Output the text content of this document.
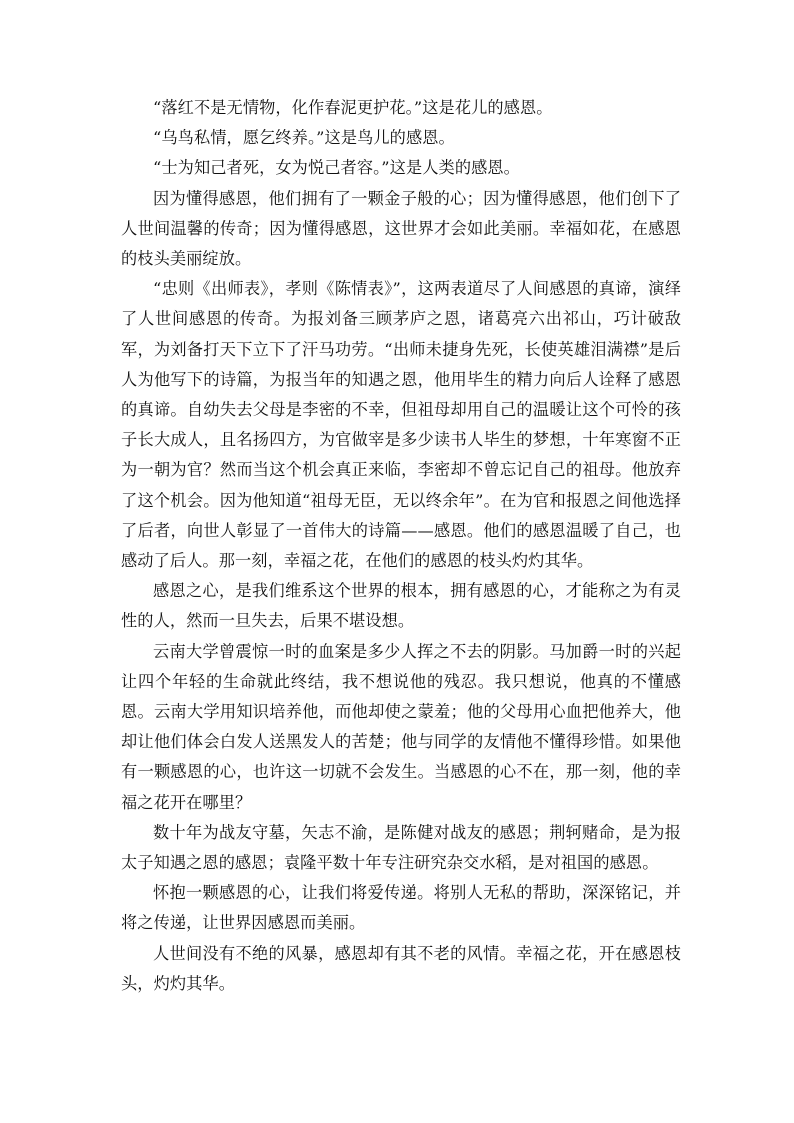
“落红不是无情物，化作春泥更护花。”这是花儿的感恩。

“乌鸟私情，愿乞终养。”这是鸟儿的感恩。

“士为知己者死，女为悦己者容。”这是人类的感恩。

因为懂得感恩，他们拥有了一颗金子般的心；因为懂得感恩，他们创下了人世间温馨的传奇；因为懂得感恩，这世界才会如此美丽。幸福如花，在感恩的枝头美丽绽放。

“忠则《出师表》，孝则《陈情表》”，这两表道尽了人间感恩的真谛，演绎了人世间感恩的传奇。为报刘备三顾茅庐之恩，诸葛亮六出祁山，巧计破敌军，为刘备打天下立下了汗马功劳。“出师未捷身先死，长使英雄泪满襟”是后人为他写下的诗篇，为报当年的知遇之恩，他用毕生的精力向后人诠释了感恩的真谛。自幼失去父母是李密的不幸，但祖母却用自己的温暖让这个可怜的孩子长大成人，且名扬四方，为官做宰是多少读书人毕生的梦想，十年寒窗不正为一朝为官？然而当这个机会真正来临，李密却不曾忘记自己的祖母。他放弃了这个机会。因为他知道“祖母无臣，无以终余年”。在为官和报恩之间他选择了后者，向世人彰显了一首伟大的诗篇——感恩。他们的感恩温暖了自己，也感动了后人。那一刻，幸福之花，在他们的感恩的枝头灼灼其华。

感恩之心，是我们维系这个世界的根本，拥有感恩的心，才能称之为有灵性的人，然而一旦失去，后果不堪设想。

云南大学曾震惊一时的血案是多少人挥之不去的阴影。马加爵一时的兴起让四个年轻的生命就此终结，我不想说他的残忍。我只想说，他真的不懂感恩。云南大学用知识培养他，而他却使之蒙羞；他的父母用心血把他养大，他却让他们体会白发人送黑发人的苦楚；他与同学的友情他不懂得珍惜。如果他有一颗感恩的心，也许这一切就不会发生。当感恩的心不在，那一刻，他的幸福之花开在哪里？

数十年为战友守墓，矢志不渝，是陈健对战友的感恩；荆轲赌命，是为报太子知遇之恩的感恩；袁隆平数十年专注研究杂交水稻，是对祖国的感恩。

怀抱一颗感恩的心，让我们将爱传递。将别人无私的帮助，深深铭记，并将之传递，让世界因感恩而美丽。

人世间没有不绝的风暴，感恩却有其不老的风情。幸福之花，开在感恩枝头，灼灼其华。
